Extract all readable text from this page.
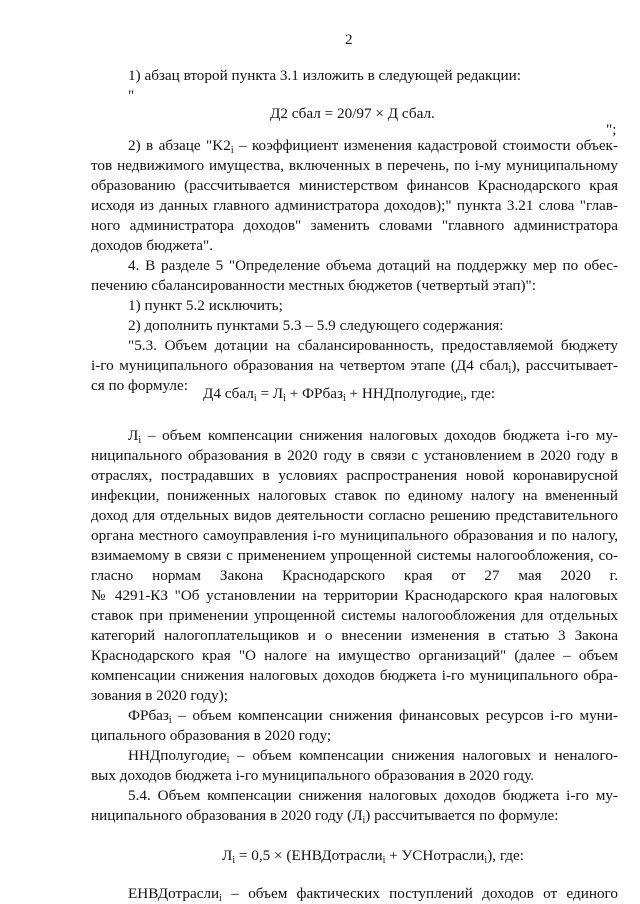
2
1) абзац второй пункта 3.1 изложить в следующей редакции:
"
Д2 сбал = 20/97 × Д сбал.
";
2) в абзаце "$K2_i$ – коэффициент изменения кадастровой стоимости объек-
тов недвижимого имущества, включенных в перечень, по i-му муниципальному
образованию (рассчитывается министерством финансов Краснодарского края
исходя из данных главного администратора доходов);" пункта 3.21 слова "глав-
ного администратора доходов" заменить словами "главного администратора
доходов бюджета".
4. В разделе 5 "Определение объема дотаций на поддержку мер по обес-
печению сбалансированности местных бюджетов (четвертый этап)":
1) пункт 5.2 исключить;
2) дополнить пунктами 5.3 – 5.9 следующего содержания:
"5.3. Объем дотации на сбалансированность, предоставляемой бюджету
i-го муниципального образования на четвертом этапе (Д4 сбал$_i$), рассчитывает-
ся по формуле: Д4 сбал$_i$ = $Л_i$ + ФРбаз$_i$ + ННДполугодие$_i$, где:
$Л_i$ – объем компенсации снижения налоговых доходов бюджета i-го му-
ниципального образования в 2020 году в связи с установлением в 2020 году в
отраслях, пострадавших в условиях распространения новой коронавирусной
инфекции, пониженных налоговых ставок по единому налогу на вмененный
доход для отдельных видов деятельности согласно решению представительного
органа местного самоуправления i-го муниципального образования и по налогу,
взимаемому в связи с применением упрощенной системы налогообложения, со-
гласно нормам Закона Краснодарского края от 27 мая 2020 г.
№ 4291-КЗ "Об установлении на территории Краснодарского края налоговых
ставок при применении упрощенной системы налогообложения для отдельных
категорий налогоплательщиков и о внесении изменения в статью 3 Закона
Краснодарского края "О налоге на имущество организаций" (далее – объем
компенсации снижения налоговых доходов бюджета i-го муниципального обра-
зования в 2020 году);
ФРбаз$_i$ – объем компенсации снижения финансовых ресурсов i-го муни-
ципального образования в 2020 году;
ННДполугодие$_i$ – объем компенсации снижения налоговых и неналого-
вых доходов бюджета i-го муниципального образования в 2020 году.
5.4. Объем компенсации снижения налоговых доходов бюджета i-го му-
ниципального образования в 2020 году $(Л_i)$ рассчитывается по формуле:
$Л_i = 0,5$ × (ЕНВДотрасли$_i$ + УСНотрасли$_i$), где:
ЕНВДотрасли$_i$ – объем фактических поступлений доходов от единого
